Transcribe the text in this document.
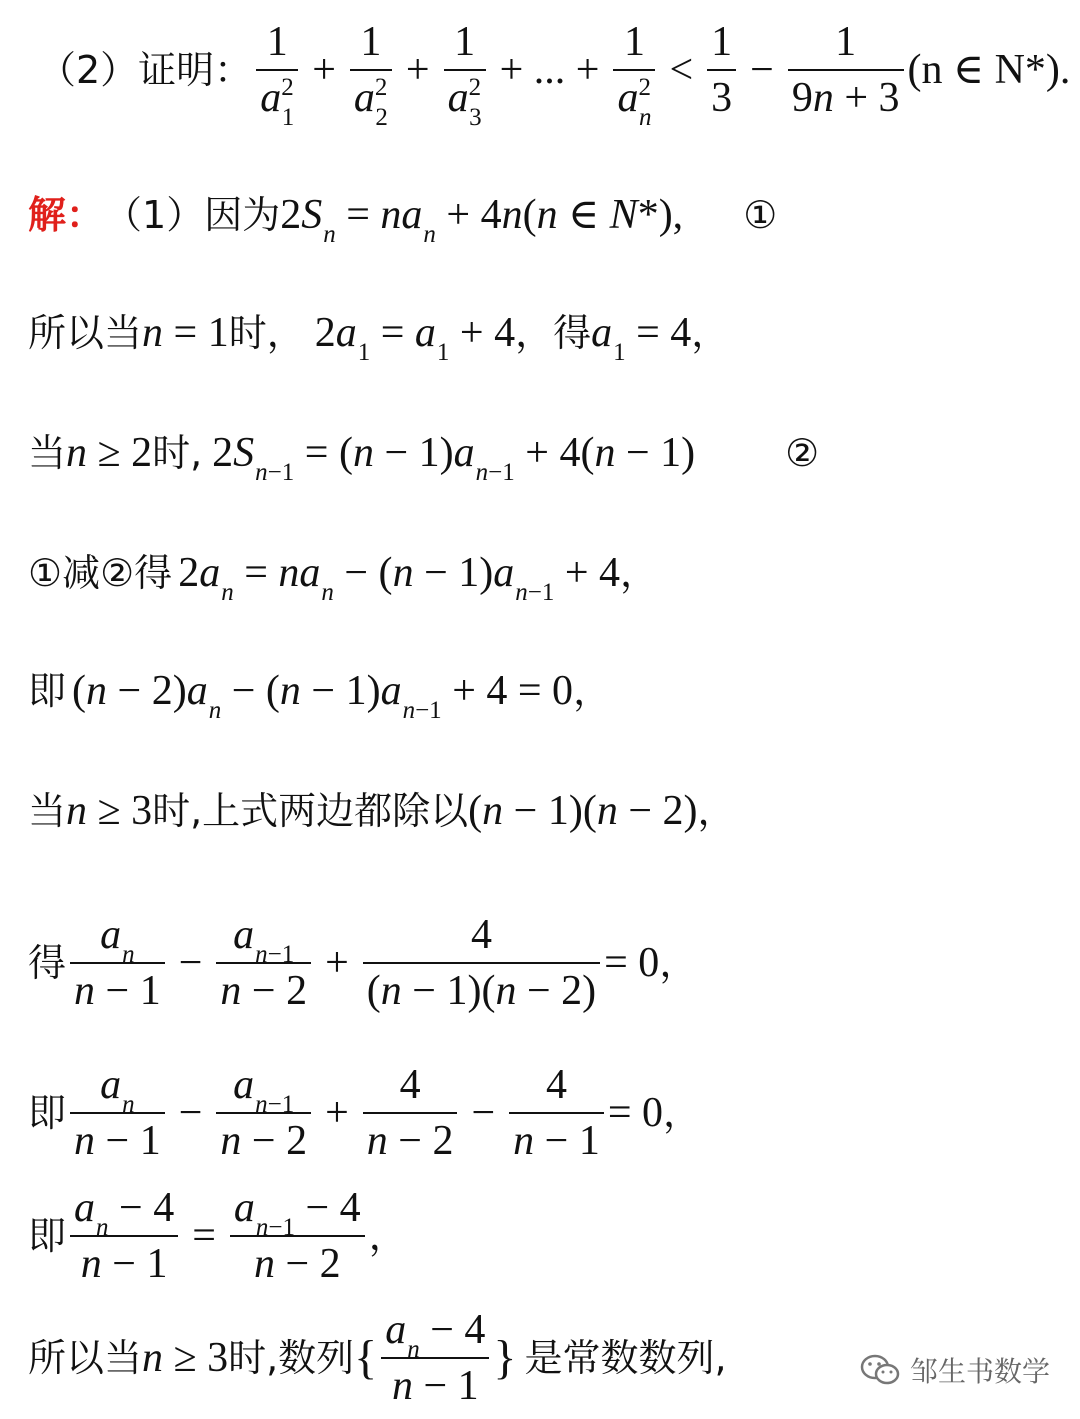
（2）证明： $\frac{1}{a^2_1} + \frac{1}{a^2_2} + \frac{1}{a^2_3}$ + ... + $\frac{1}{a^2_n} < \frac{1}{3} - \frac{1}{9n + 3} (n$ ∈ N*).
解： （1）因为 $2S_n = na_n + 4n(n$ ∈ N*), ①
所以当 n = 1 时， $2a_1 = a_1 + 4$ ，得 $a_1 = 4$ ，
当 n ≥ 2 时, $2S_{n-1} = (n - 1)a_{n-1} + 4(n - 1)$ ②
① 减 ② 得 $2a_n = na_n - (n - 1)a_{n-1} + 4$ ，
即 $(n - 2)a_n - (n - 1)a_{n-1} + 4 = 0$ ，
当 n ≥ 3 时,上式两边都除以 (n − 1)(n − 2) ，
得 $\frac{a_n}{n - 1} - \frac{a_{n-1}}{n - 2} + \frac{4}{(n - 1)(n - 2)} = 0$ ，
即 $\frac{a_n}{n - 1} - \frac{a_{n-1}}{n - 2} + \frac{4}{n - 2} - \frac{4}{n - 1} = 0$ ，
即 $\frac{a_n - 4}{n - 1} = \frac{a_{n-1} - 4}{n - 2}$ ，
所以当 n ≥ 3 时,数列 { $\frac{a_n - 4}{n - 1}$ } 是常数数列,	邹生书数学
